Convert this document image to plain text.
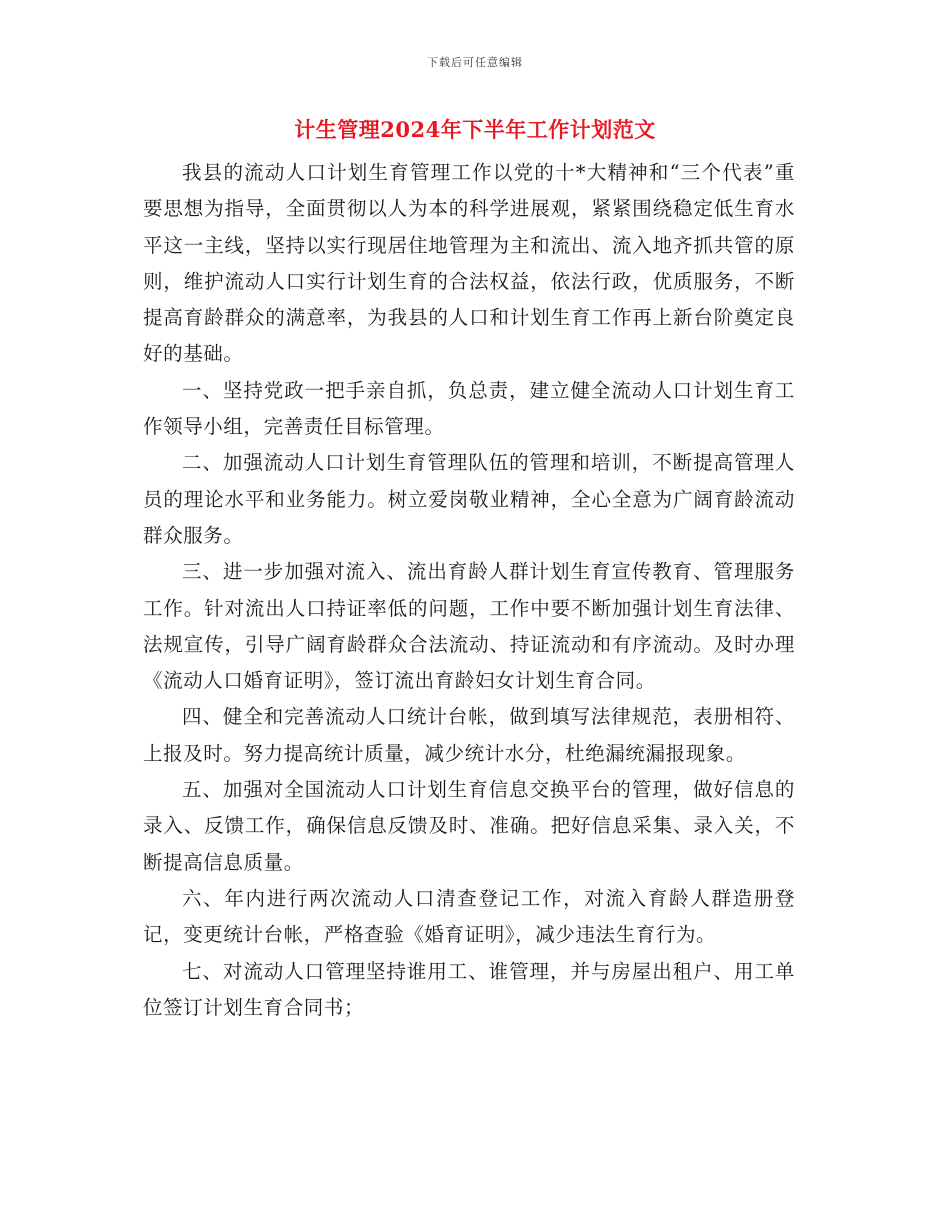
下载后可任意编辑
计生管理2024年下半年工作计划范文

我县的流动人口计划生育管理工作以党的十*大精神和“三个代表”重要思想为指导，全面贯彻以人为本的科学进展观，紧紧围绕稳定低生育水平这一主线，坚持以实行现居住地管理为主和流出、流入地齐抓共管的原则，维护流动人口实行计划生育的合法权益，依法行政，优质服务，不断提高育龄群众的满意率，为我县的人口和计划生育工作再上新台阶奠定良好的基础。

一、坚持党政一把手亲自抓，负总责，建立健全流动人口计划生育工作领导小组，完善责任目标管理。

二、加强流动人口计划生育管理队伍的管理和培训，不断提高管理人员的理论水平和业务能力。树立爱岗敬业精神，全心全意为广阔育龄流动群众服务。

三、进一步加强对流入、流出育龄人群计划生育宣传教育、管理服务工作。针对流出人口持证率低的问题，工作中要不断加强计划生育法律、法规宣传，引导广阔育龄群众合法流动、持证流动和有序流动。及时办理《流动人口婚育证明》，签订流出育龄妇女计划生育合同。

四、健全和完善流动人口统计台帐，做到填写法律规范，表册相符、上报及时。努力提高统计质量，减少统计水分，杜绝漏统漏报现象。

五、加强对全国流动人口计划生育信息交换平台的管理，做好信息的录入、反馈工作，确保信息反馈及时、准确。把好信息采集、录入关，不断提高信息质量。

六、年内进行两次流动人口清查登记工作，对流入育龄人群造册登记，变更统计台帐，严格查验《婚育证明》，减少违法生育行为。

七、对流动人口管理坚持谁用工、谁管理，并与房屋出租户、用工单位签订计划生育合同书；
